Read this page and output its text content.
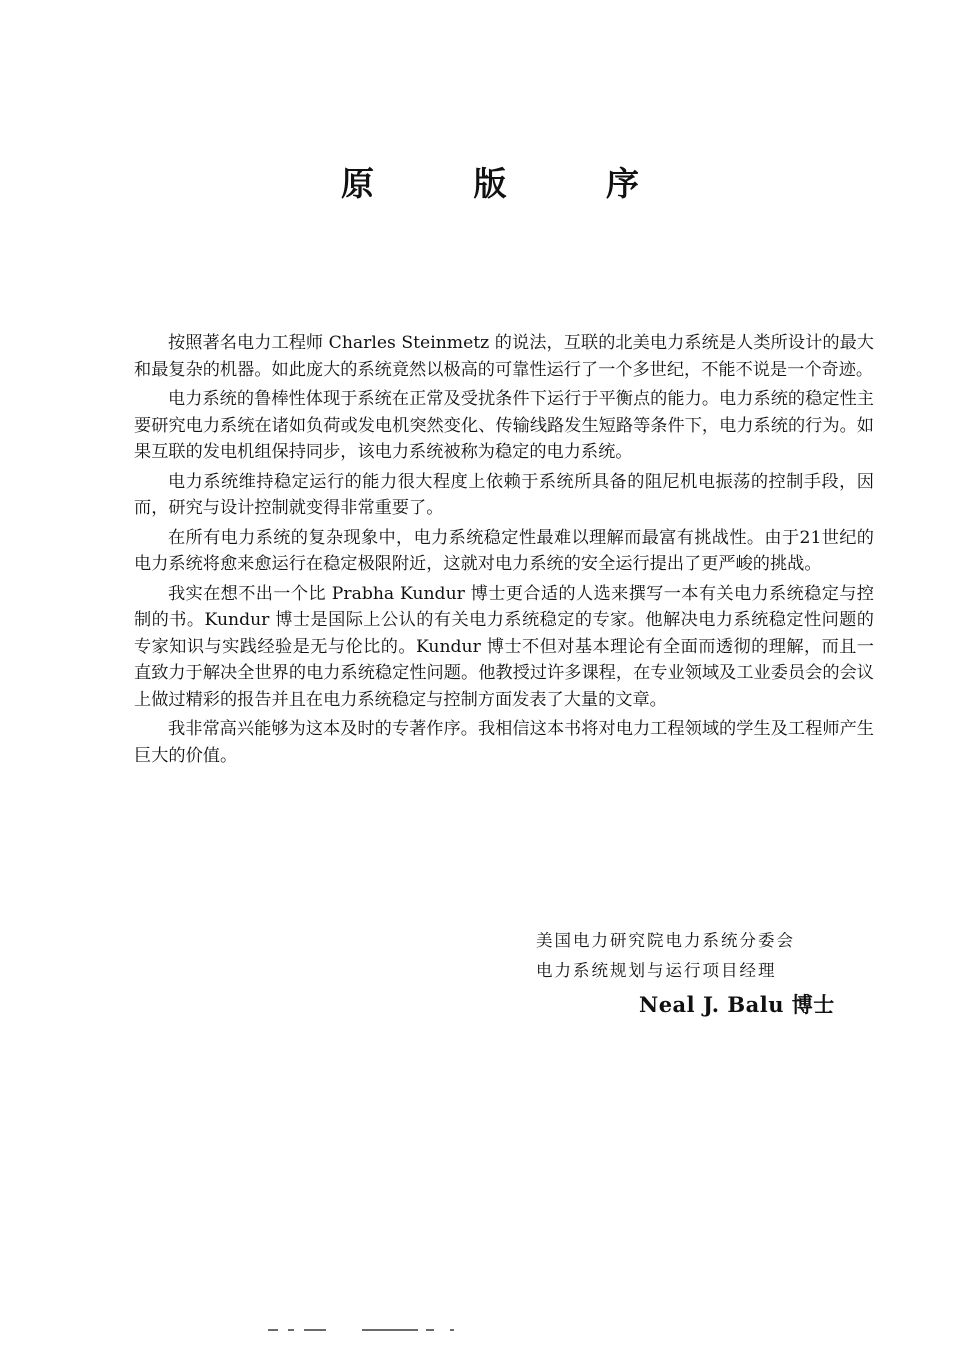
原 版 序

按照著名电力工程师 Charles Steinmetz 的说法，互联的北美电力系统是人类所设计的最大和最复杂的机器。如此庞大的系统竟然以极高的可靠性运行了一个多世纪，不能不说是一个奇迹。

电力系统的鲁棒性体现于系统在正常及受扰条件下运行于平衡点的能力。电力系统的稳定性主要研究电力系统在诸如负荷或发电机突然变化、传输线路发生短路等条件下，电力系统的行为。如果互联的发电机组保持同步，该电力系统被称为稳定的电力系统。

电力系统维持稳定运行的能力很大程度上依赖于系统所具备的阻尼机电振荡的控制手段，因而，研究与设计控制就变得非常重要了。

在所有电力系统的复杂现象中，电力系统稳定性最难以理解而最富有挑战性。由于21世纪的电力系统将愈来愈运行在稳定极限附近，这就对电力系统的安全运行提出了更严峻的挑战。

我实在想不出一个比 Prabha Kundur 博士更合适的人选来撰写一本有关电力系统稳定与控制的书。Kundur 博士是国际上公认的有关电力系统稳定的专家。他解决电力系统稳定性问题的专家知识与实践经验是无与伦比的。Kundur 博士不但对基本理论有全面而透彻的理解，而且一直致力于解决全世界的电力系统稳定性问题。他教授过许多课程，在专业领域及工业委员会的会议上做过精彩的报告并且在电力系统稳定与控制方面发表了大量的文章。

我非常高兴能够为这本及时的专著作序。我相信这本书将对电力工程领域的学生及工程师产生巨大的价值。

美国电力研究院电力系统分委会
电力系统规划与运行项目经理
Neal J. Balu 博士
